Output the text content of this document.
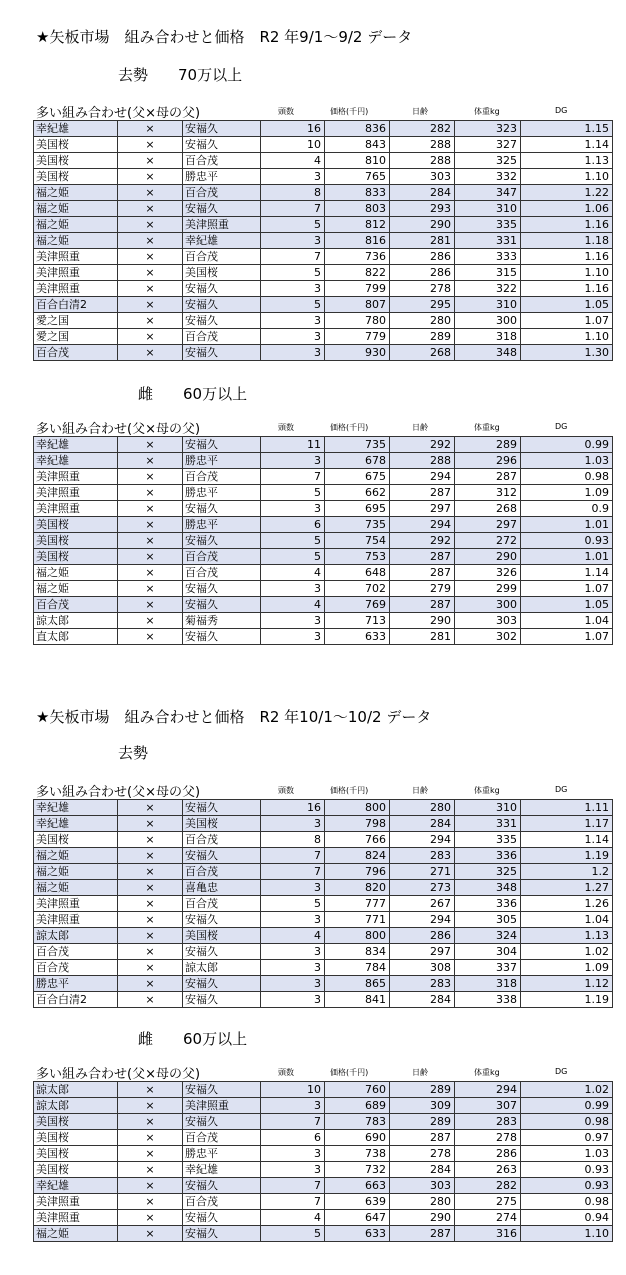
★矢板市場　組み合わせと価格　R2 年9/1～9/2 データ
去勢　　70万以上
多い組み合わせ(父×母の父)	頭数	価格(千円)	日齢	体重kg	DG
幸紀雄	×	安福久	16	836	282	323	1.15
美国桜	×	安福久	10	843	288	327	1.14
美国桜	×	百合茂	4	810	288	325	1.13
美国桜	×	勝忠平	3	765	303	332	1.10
福之姫	×	百合茂	8	833	284	347	1.22
福之姫	×	安福久	7	803	293	310	1.06
福之姫	×	美津照重	5	812	290	335	1.16
福之姫	×	幸紀雄	3	816	281	331	1.18
美津照重	×	百合茂	7	736	286	333	1.16
美津照重	×	美国桜	5	822	286	315	1.10
美津照重	×	安福久	3	799	278	322	1.16
百合白清2	×	安福久	5	807	295	310	1.05
愛之国	×	安福久	3	780	280	300	1.07
愛之国	×	百合茂	3	779	289	318	1.10
百合茂	×	安福久	3	930	268	348	1.30
雌　　60万以上
多い組み合わせ(父×母の父)	頭数	価格(千円)	日齢	体重kg	DG
幸紀雄	×	安福久	11	735	292	289	0.99
幸紀雄	×	勝忠平	3	678	288	296	1.03
美津照重	×	百合茂	7	675	294	287	0.98
美津照重	×	勝忠平	5	662	287	312	1.09
美津照重	×	安福久	3	695	297	268	0.9
美国桜	×	勝忠平	6	735	294	297	1.01
美国桜	×	安福久	5	754	292	272	0.93
美国桜	×	百合茂	5	753	287	290	1.01
福之姫	×	百合茂	4	648	287	326	1.14
福之姫	×	安福久	3	702	279	299	1.07
百合茂	×	安福久	4	769	287	300	1.05
諒太郎	×	菊福秀	3	713	290	303	1.04
直太郎	×	安福久	3	633	281	302	1.07
★矢板市場　組み合わせと価格　R2 年10/1～10/2 データ
去勢
多い組み合わせ(父×母の父)	頭数	価格(千円)	日齢	体重kg	DG
幸紀雄	×	安福久	16	800	280	310	1.11
幸紀雄	×	美国桜	3	798	284	331	1.17
美国桜	×	百合茂	8	766	294	335	1.14
福之姫	×	安福久	7	824	283	336	1.19
福之姫	×	百合茂	7	796	271	325	1.2
福之姫	×	喜亀忠	3	820	273	348	1.27
美津照重	×	百合茂	5	777	267	336	1.26
美津照重	×	安福久	3	771	294	305	1.04
諒太郎	×	美国桜	4	800	286	324	1.13
百合茂	×	安福久	3	834	297	304	1.02
百合茂	×	諒太郎	3	784	308	337	1.09
勝忠平	×	安福久	3	865	283	318	1.12
百合白清2	×	安福久	3	841	284	338	1.19
雌　　60万以上
多い組み合わせ(父×母の父)	頭数	価格(千円)	日齢	体重kg	DG
諒太郎	×	安福久	10	760	289	294	1.02
諒太郎	×	美津照重	3	689	309	307	0.99
美国桜	×	安福久	7	783	289	283	0.98
美国桜	×	百合茂	6	690	287	278	0.97
美国桜	×	勝忠平	3	738	278	286	1.03
美国桜	×	幸紀雄	3	732	284	263	0.93
幸紀雄	×	安福久	7	663	303	282	0.93
美津照重	×	百合茂	7	639	280	275	0.98
美津照重	×	安福久	4	647	290	274	0.94
福之姫	×	安福久	5	633	287	316	1.10
